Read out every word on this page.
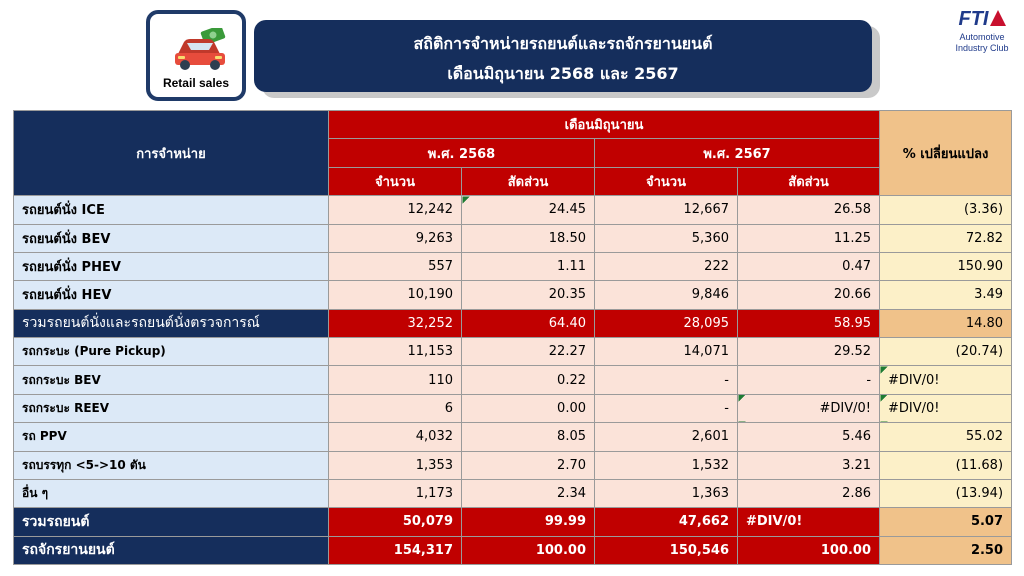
Retail sales
สถิติการจำหน่ายรถยนต์และรถจักรยานยนต์
เดือนมิถุนายน 2568 และ 2567
FTI
Automotive
Industry Club
การจำหน่าย	เดือนมิถุนายน				% เปลี่ยนแปลง
	พ.ศ. 2568		พ.ศ. 2567		
	จำนวน	สัดส่วน	จำนวน	สัดส่วน	
รถยนต์นั่ง ICE	12,242	24.45	12,667	26.58	(3.36)
รถยนต์นั่ง BEV	9,263	18.50	5,360	11.25	72.82
รถยนต์นั่ง PHEV	557	1.11	222	0.47	150.90
รถยนต์นั่ง HEV	10,190	20.35	9,846	20.66	3.49
รวมรถยนต์นั่งและรถยนต์นั่งตรวจการณ์	32,252	64.40	28,095	58.95	14.80
รถกระบะ (Pure Pickup)	11,153	22.27	14,071	29.52	(20.74)
รถกระบะ BEV	110	0.22	-	-	#DIV/0!
รถกระบะ REEV	6	0.00	-	#DIV/0!	#DIV/0!
รถ PPV	4,032	8.05	2,601	5.46	55.02
รถบรรทุก <5->10 ตัน	1,353	2.70	1,532	3.21	(11.68)
อื่น ๆ	1,173	2.34	1,363	2.86	(13.94)
รวมรถยนต์	50,079	99.99	47,662	#DIV/0!	5.07
รถจักรยานยนต์	154,317	100.00	150,546	100.00	2.50
